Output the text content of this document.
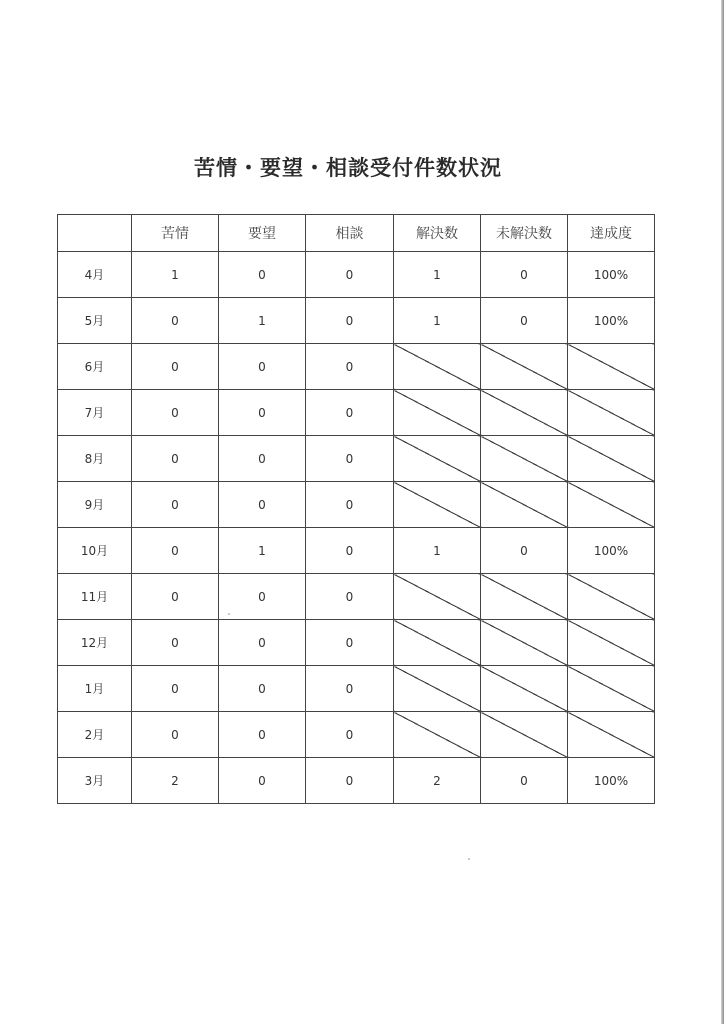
苦情・要望・相談受付件数状況
	苦情	要望	相談	解決数	未解決数	達成度
4月	1	0	0	1	0	100%
5月	0	1	0	1	0	100%
6月	0	0	0			
7月	0	0	0			
8月	0	0	0			
9月	0	0	0			
10月	0	1	0	1	0	100%
11月	0	0	0			
12月	0	0	0			
1月	0	0	0			
2月	0	0	0			
3月	2	0	0	2	0	100%
